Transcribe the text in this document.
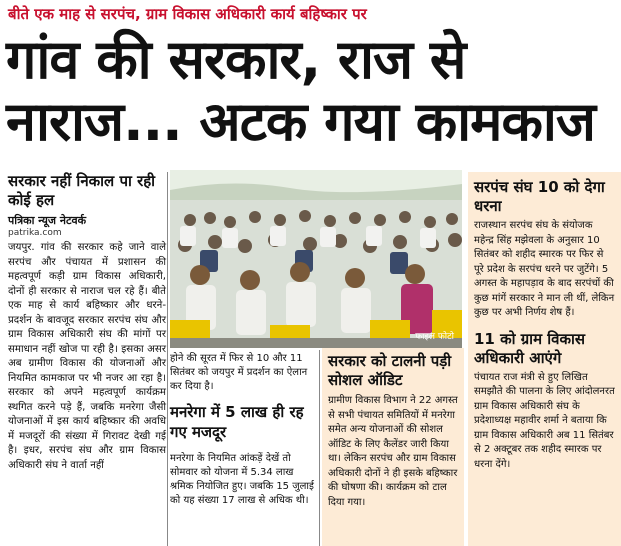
बीते एक माह से सरपंच, ग्राम विकास अधिकारी कार्य बहिष्कार पर
गांव की सरकार, राज से
नाराज... अटक गया कामकाज
सरकार नहीं निकाल पा रही कोई हल
पत्रिका न्यूज नेटवर्क
patrika.com
जयपुर. गांव की सरकार कहे जाने वाले सरपंच और पंचायत में प्रशासन की महत्वपूर्ण कड़ी ग्राम विकास अधिकारी, दोनों ही सरकार से नाराज चल रहे हैं। बीते एक माह से कार्य बहिष्कार और धरने-प्रदर्शन के बावजूद सरकार सरपंच संघ और ग्राम विकास अधिकारी संघ की मांगों पर समाधान नहीं खोज पा रही है। इसका असर अब ग्रामीण विकास की योजनाओं और नियमित कामकाज पर भी नजर आ रहा है। सरकार को अपने महत्वपूर्ण कार्यक्रम स्थगित करने पड़े हैं, जबकि मनरेगा जैसी योजनाओं में इस कार्य बहिष्कार की अवधि में मजदूरों की संख्या में गिरावट देखी गई है। इधर, सरपंच संघ और ग्राम विकास अधिकारी संघ ने वार्ता नहीं
फाइल फोटो
होने की सूरत में फिर से 10 और 11 सितंबर को जयपुर में प्रदर्शन का ऐलान कर दिया है।
मनरेगा में 5 लाख ही रह गए मजदूर
मनरेगा के नियमित आंकड़ें देखें तो सोमवार को योजना में 5.34 लाख श्रमिक नियोजित हुए। जबकि 15 जुलाई को यह संख्या 17 लाख से अधिक थी।
सरकार को टालनी पड़ी सोशल ऑडिट
ग्रामीण विकास विभाग ने 22 अगस्त से सभी पंचायत समितियों में मनरेगा समेत अन्य योजनाओं की सोशल ऑडिट के लिए कैलेंडर जारी किया था। लेकिन सरपंच और ग्राम विकास अधिकारी दोनों ने ही इसके बहिष्कार की घोषणा की। कार्यक्रम को टाल दिया गया।
सरपंच संघ 10 को देगा धरना
राजस्थान सरपंच संघ के संयोजक महेन्द्र सिंह मझेवला के अनुसार 10 सितंबर को शहीद स्मारक पर फिर से पूरे प्रदेश के सरपंच धरने पर जुटेंगे। 5 अगस्त के महापड़ाव के बाद सरपंचों की कुछ मांगें सरकार ने मान ली थीं, लेकिन कुछ पर अभी निर्णय शेष हैं।
11 को ग्राम विकास अधिकारी आएंगे
पंचायत राज मंत्री से हुए लिखित समझौते की पालना के लिए आंदोलनरत ग्राम विकास अधिकारी संघ के प्रदेशाध्यक्ष महावीर शर्मा ने बताया कि ग्राम विकास अधिकारी अब 11 सितंबर से 2 अक्टूबर तक शहीद स्मारक पर धरना देंगे।
